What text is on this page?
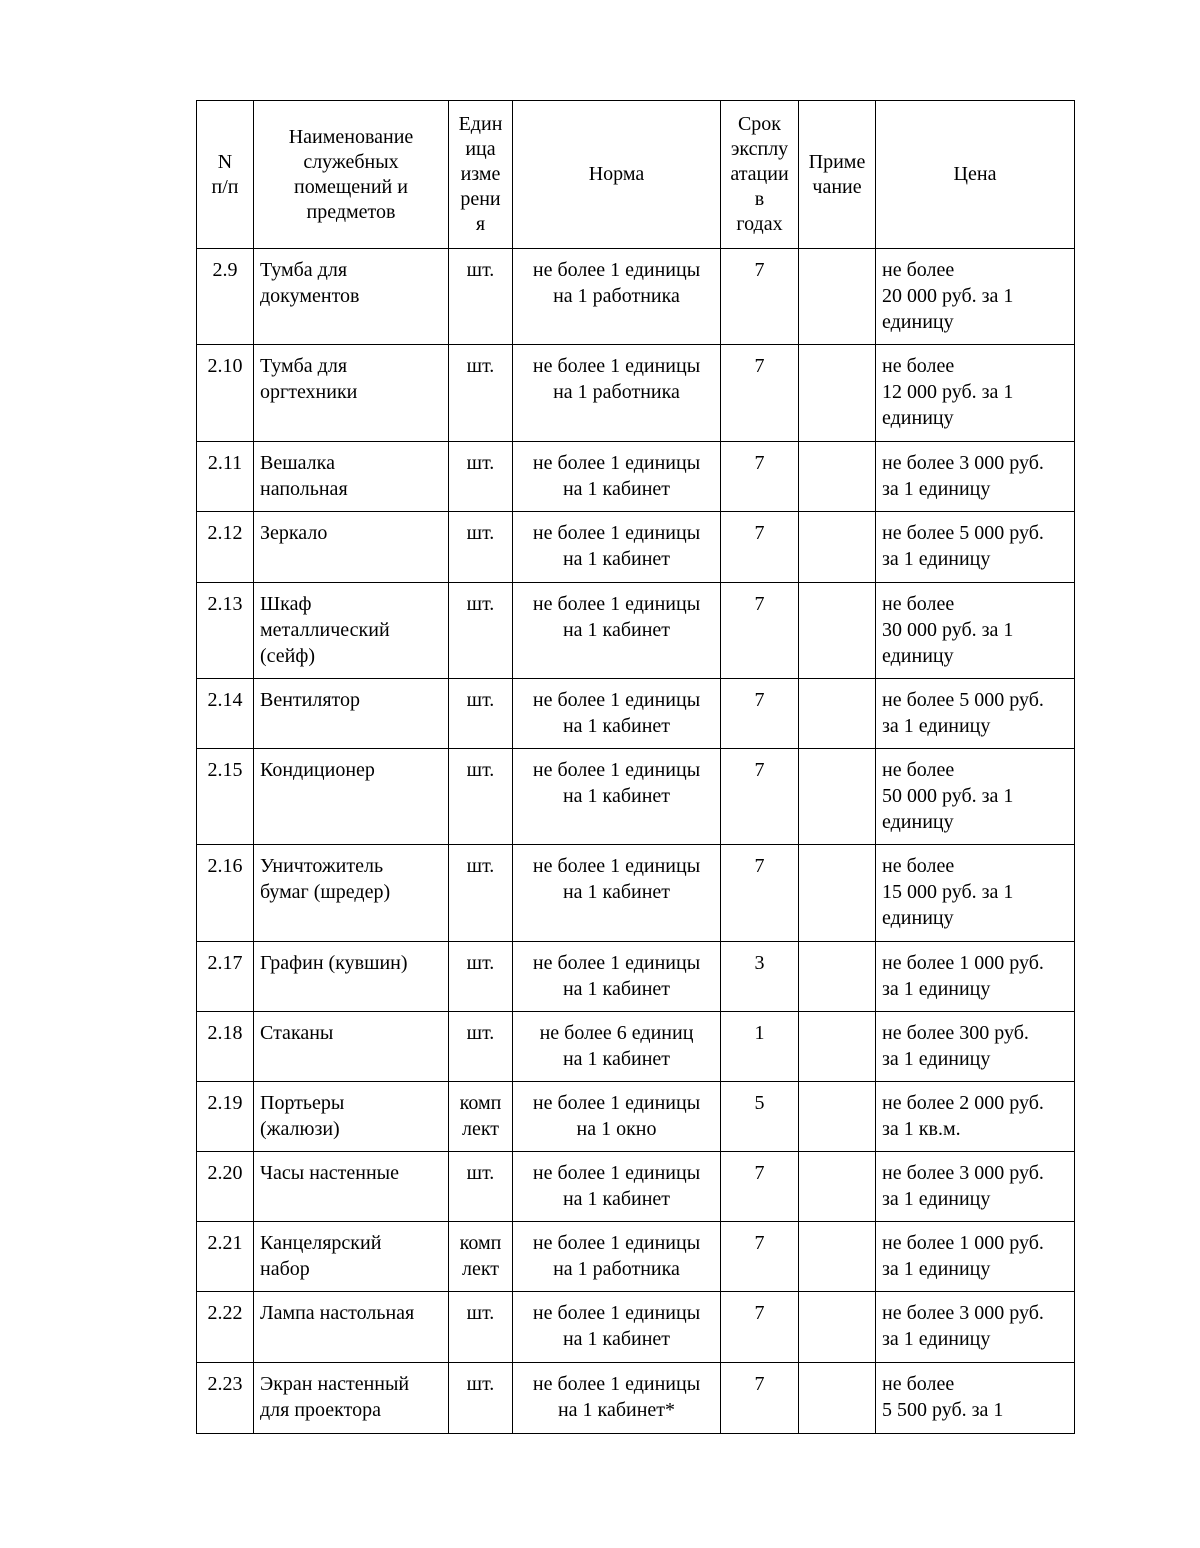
N
п/п	Наименование
служебных
помещений и
предметов	Един
ица
изме
рени
я	Норма	Срок
эксплу
атации
в
годах	Приме
чание	Цена
2.9	Тумба для
документов	шт.	не более 1 единицы
на 1 работника	7		не более
20 000 руб. за 1
единицу
2.10	Тумба для
оргтехники	шт.	не более 1 единицы
на 1 работника	7		не более
12 000 руб. за 1
единицу
2.11	Вешалка
напольная	шт.	не более 1 единицы
на 1 кабинет	7		не более 3 000 руб.
за 1 единицу
2.12	Зеркало	шт.	не более 1 единицы
на 1 кабинет	7		не более 5 000 руб.
за 1 единицу
2.13	Шкаф
металлический
(сейф)	шт.	не более 1 единицы
на 1 кабинет	7		не более
30 000 руб. за 1
единицу
2.14	Вентилятор	шт.	не более 1 единицы
на 1 кабинет	7		не более 5 000 руб.
за 1 единицу
2.15	Кондиционер	шт.	не более 1 единицы
на 1 кабинет	7		не более
50 000 руб. за 1
единицу
2.16	Уничтожитель
бумаг (шредер)	шт.	не более 1 единицы
на 1 кабинет	7		не более
15 000 руб. за 1
единицу
2.17	Графин (кувшин)	шт.	не более 1 единицы
на 1 кабинет	3		не более 1 000 руб.
за 1 единицу
2.18	Стаканы	шт.	не более 6 единиц
на 1 кабинет	1		не более 300 руб.
за 1 единицу
2.19	Портьеры
(жалюзи)	комп
лект	не более 1 единицы
на 1 окно	5		не более 2 000 руб.
за 1 кв.м.
2.20	Часы настенные	шт.	не более 1 единицы
на 1 кабинет	7		не более 3 000 руб.
за 1 единицу
2.21	Канцелярский
набор	комп
лект	не более 1 единицы
на 1 работника	7		не более 1 000 руб.
за 1 единицу
2.22	Лампа настольная	шт.	не более 1 единицы
на 1 кабинет	7		не более 3 000 руб.
за 1 единицу
2.23	Экран настенный
для проектора	шт.	не более 1 единицы
на 1 кабинет*	7		не более
5 500 руб. за 1
